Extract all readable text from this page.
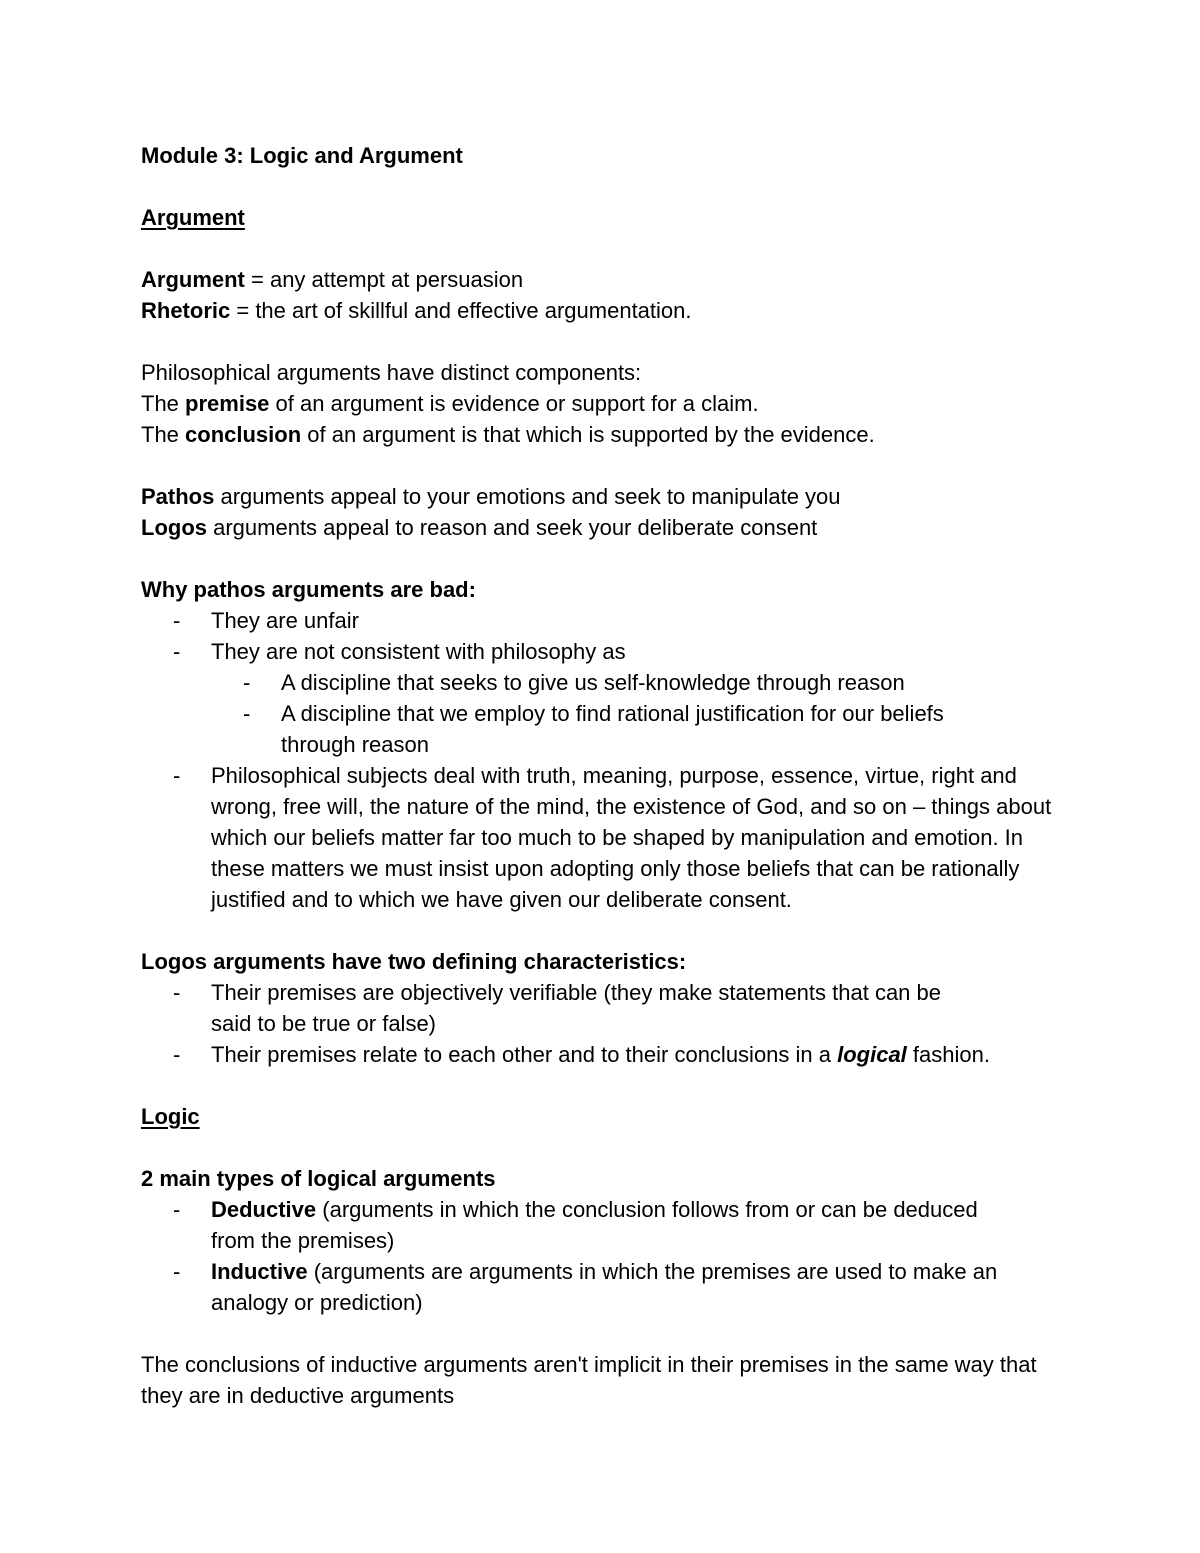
Module 3: Logic and Argument

Argument

Argument = any attempt at persuasion

Rhetoric = the art of skillful and effective argumentation.

Philosophical arguments have distinct components:

The premise of an argument is evidence or support for a claim.

The conclusion of an argument is that which is supported by the evidence.

Pathos arguments appeal to your emotions and seek to manipulate you

Logos arguments appeal to reason and seek your deliberate consent

Why pathos arguments are bad:

- They are unfair
- They are not consistent with philosophy as
- A discipline that seeks to give us self-knowledge through reason
- A discipline that we employ to find rational justification for our beliefs through reason
- Philosophical subjects deal with truth, meaning, purpose, essence, virtue, right and wrong, free will, the nature of the mind, the existence of God, and so on – things about which our beliefs matter far too much to be shaped by manipulation and emotion. In these matters we must insist upon adopting only those beliefs that can be rationally justified and to which we have given our deliberate consent.

Logos arguments have two defining characteristics:

- Their premises are objectively verifiable (they make statements that can be said to be true or false)
- Their premises relate to each other and to their conclusions in a logical fashion.

Logic

2 main types of logical arguments

- Deductive (arguments in which the conclusion follows from or can be deduced from the premises)
- Inductive (arguments are arguments in which the premises are used to make an analogy or prediction)

The conclusions of inductive arguments aren't implicit in their premises in the same way that they are in deductive arguments
